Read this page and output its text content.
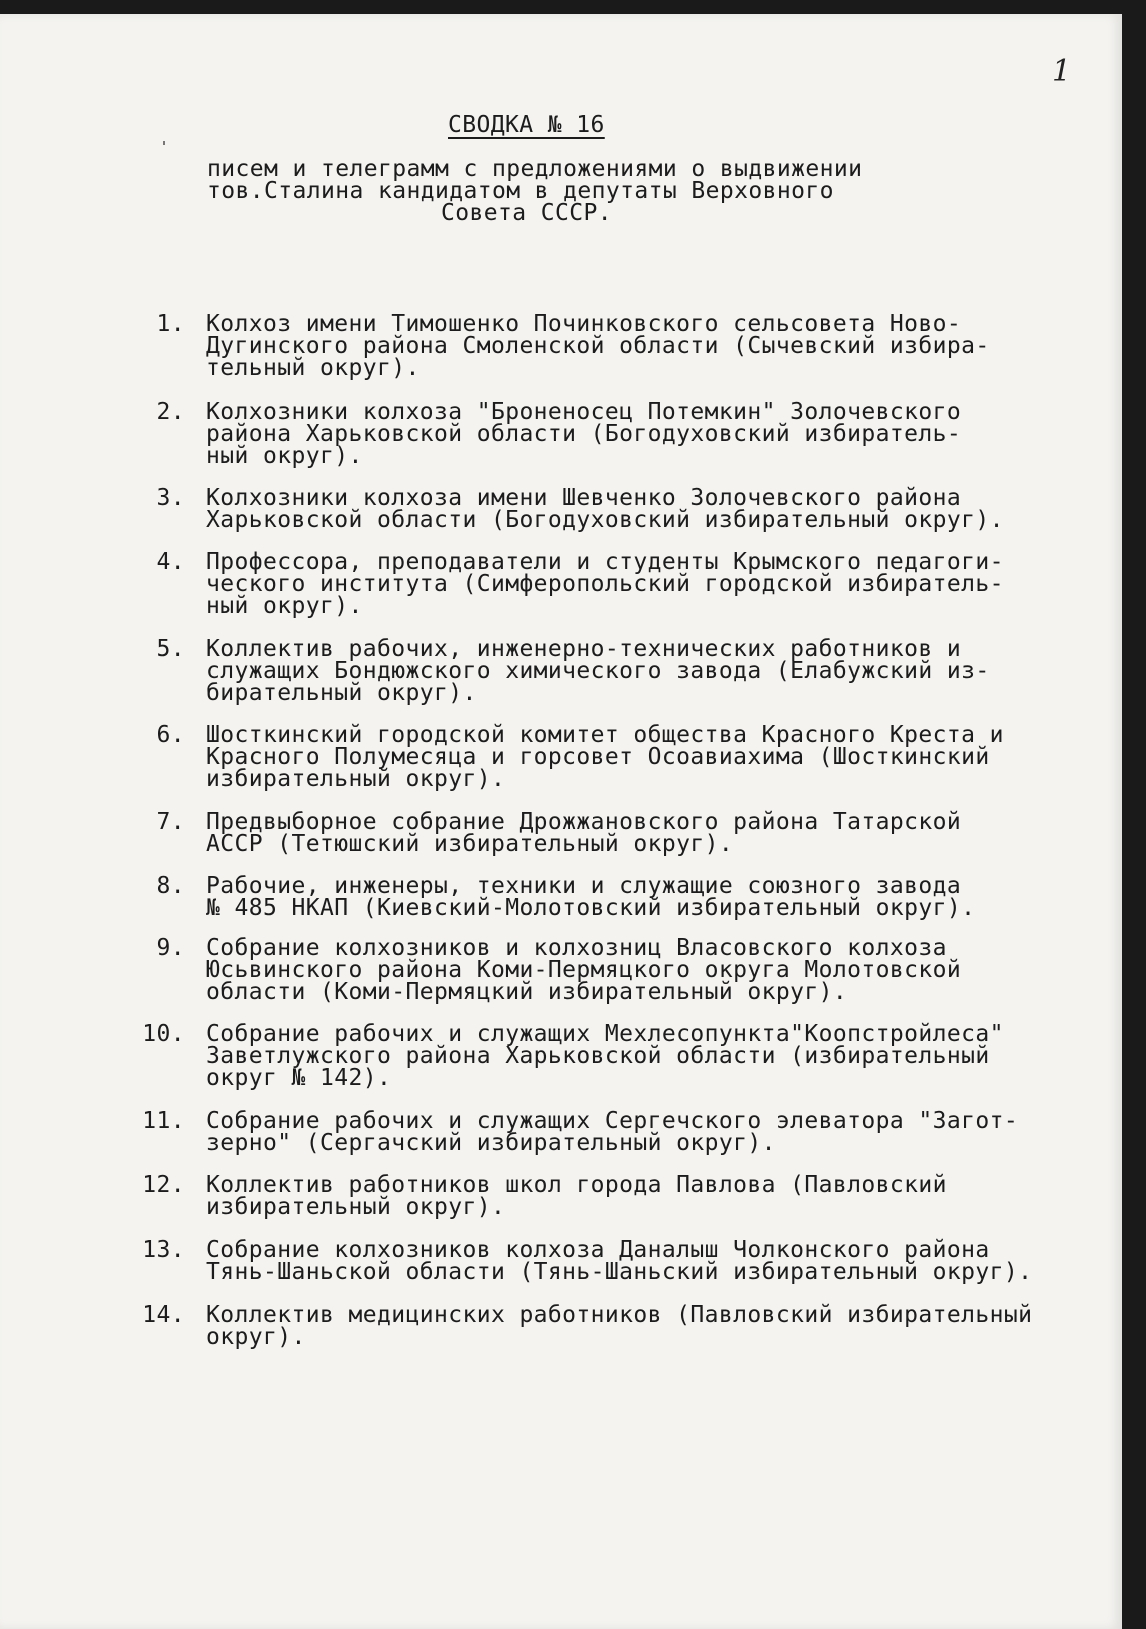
1
СВОДКА № 16

писем и телеграмм с предложениями о выдвижении

тов.Сталина кандидатом в депутаты Верховного

Совета СССР.

1. Колхоз имени Тимошенко Починковского сельсовета Ново-
Дугинского района Смоленской области (Сычевский избира-
тельный округ).
2. Колхозники колхоза "Броненосец Потемкин" Золочевского
района Харьковской области (Богодуховский избиратель-
ный округ).
3. Колхозники колхоза имени Шевченко Золочевского района
Харьковской области (Богодуховский избирательный округ).
4. Профессора, преподаватели и студенты Крымского педагоги-
ческого института (Симферопольский городской избиратель-
ный округ).
5. Коллектив рабочих, инженерно-технических работников и
служащих Бондюжского химического завода (Елабужский из-
бирательный округ).
6. Шосткинский городской комитет общества Красного Креста и
Красного Полумесяца и горсовет Осоавиахима (Шосткинский
избирательный округ).
7. Предвыборное собрание Дрожжановского района Татарской
АССР (Тетюшский избирательный округ).
8. Рабочие, инженеры, техники и служащие союзного завода
№ 485 НКАП (Киевский-Молотовский избирательный округ).
9. Собрание колхозников и колхозниц Власовского колхоза
Юсьвинского района Коми-Пермяцкого округа Молотовской
области (Коми-Пермяцкий избирательный округ).
10. Собрание рабочих и служащих Мехлесопункта"Коопстройлеса"
Заветлужского района Харьковской области (избирательный
округ № 142).
11. Собрание рабочих и служащих Сергечского элеватора "Загот-
зерно" (Сергачский избирательный округ).
12. Коллектив работников школ города Павлова (Павловский
избирательный округ).
13. Собрание колхозников колхоза Даналыш Чолконского района
Тянь-Шаньской области (Тянь-Шаньский избирательный округ).
14. Коллектив медицинских работников (Павловский избирательный
округ).
